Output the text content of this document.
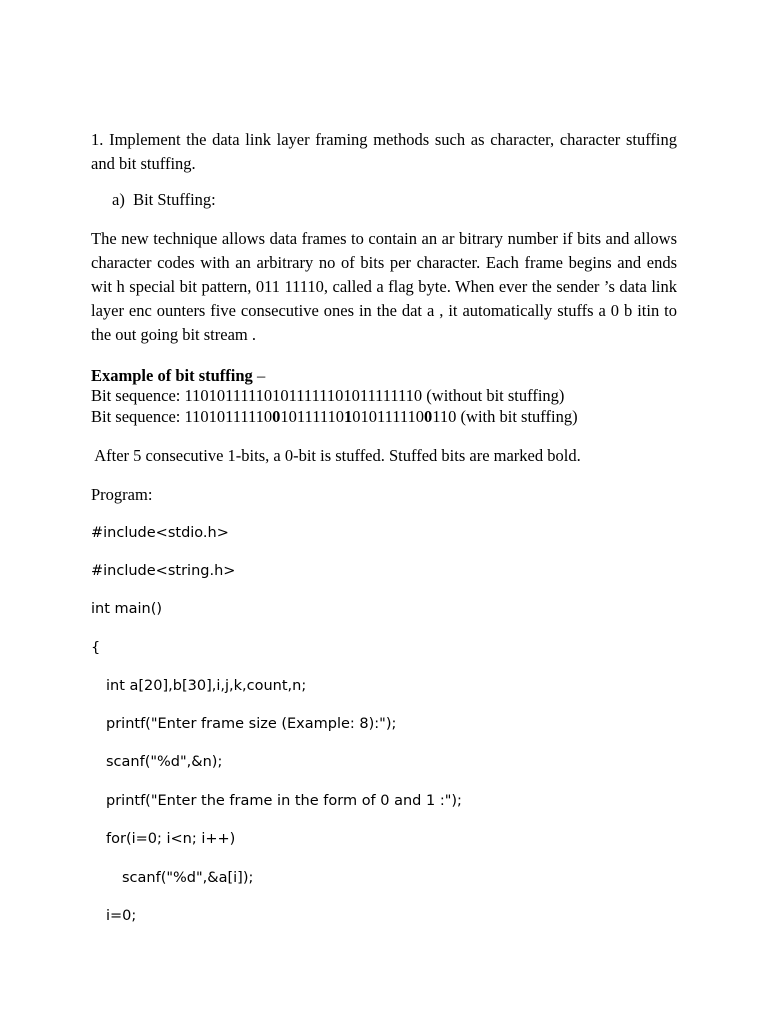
1. Implement the data link layer framing methods such as character, character stuffing and bit stuffing.

a)  Bit Stuffing:

The new technique allows data frames to contain an ar bitrary number if bits and allows character codes with an arbitrary no of bits per character. Each frame begins and ends wit h special bit pattern, 011 11110, called a flag byte. When ever the sender ’s data link layer enc ounters five consecutive ones in the dat a , it automatically stuffs a 0 b itin to the out going bit stream .

Example of bit stuffing –

Bit sequence: 110101111101011111101011111110 (without bit stuffing)

Bit sequence: 1101011111001011111010101111100110 (with bit stuffing)

After 5 consecutive 1-bits, a 0-bit is stuffed. Stuffed bits are marked bold.

Program:

#include<stdio.h>

#include<string.h>

int main()

{

int a[20],b[30],i,j,k,count,n;

printf("Enter frame size (Example: 8):");

scanf("%d",&n);

printf("Enter the frame in the form of 0 and 1 :");

for(i=0; i<n; i++)

scanf("%d",&a[i]);

i=0;
